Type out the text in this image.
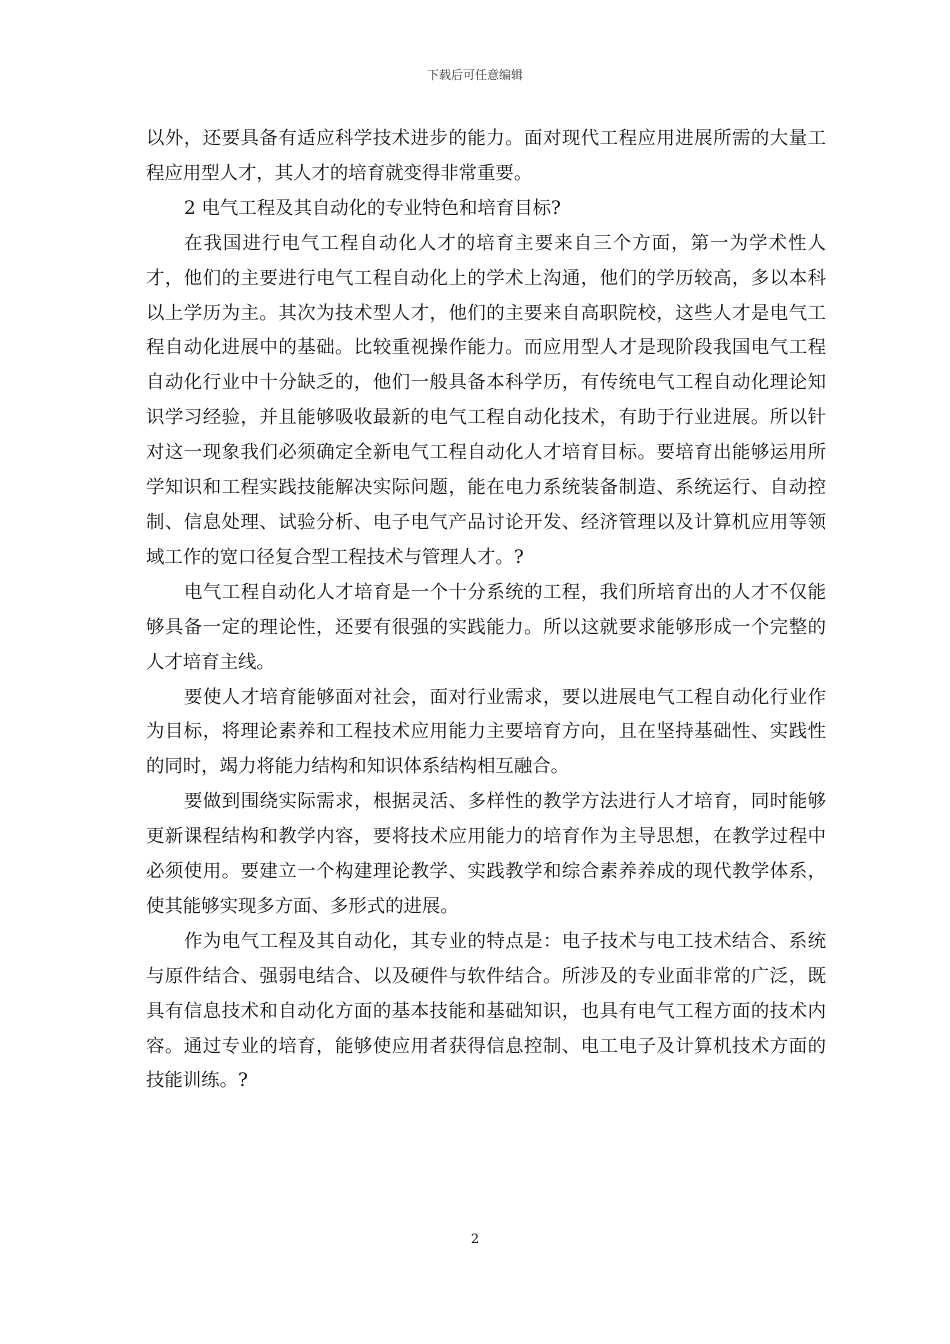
下载后可任意编辑

以外，还要具备有适应科学技术进步的能力。面对现代工程应用进展所需的大量工程应用型人才，其人才的培育就变得非常重要。

2 电气工程及其自动化的专业特色和培育目标?

在我国进行电气工程自动化人才的培育主要来自三个方面，第一为学术性人才，他们的主要进行电气工程自动化上的学术上沟通，他们的学历较高，多以本科以上学历为主。其次为技术型人才，他们的主要来自高职院校，这些人才是电气工程自动化进展中的基础。比较重视操作能力。而应用型人才是现阶段我国电气工程自动化行业中十分缺乏的，他们一般具备本科学历，有传统电气工程自动化理论知识学习经验，并且能够吸收最新的电气工程自动化技术，有助于行业进展。所以针对这一现象我们必须确定全新电气工程自动化人才培育目标。要培育出能够运用所学知识和工程实践技能解决实际问题，能在电力系统装备制造、系统运行、自动控制、信息处理、试验分析、电子电气产品讨论开发、经济管理以及计算机应用等领域工作的宽口径复合型工程技术与管理人才。?

电气工程自动化人才培育是一个十分系统的工程，我们所培育出的人才不仅能够具备一定的理论性，还要有很强的实践能力。所以这就要求能够形成一个完整的人才培育主线。

要使人才培育能够面对社会，面对行业需求，要以进展电气工程自动化行业作为目标，将理论素养和工程技术应用能力主要培育方向，且在坚持基础性、实践性的同时，竭力将能力结构和知识体系结构相互融合。

要做到围绕实际需求，根据灵活、多样性的教学方法进行人才培育，同时能够更新课程结构和教学内容，要将技术应用能力的培育作为主导思想，在教学过程中必须使用。要建立一个构建理论教学、实践教学和综合素养养成的现代教学体系，使其能够实现多方面、多形式的进展。

作为电气工程及其自动化，其专业的特点是：电子技术与电工技术结合、系统与原件结合、强弱电结合、以及硬件与软件结合。所涉及的专业面非常的广泛，既具有信息技术和自动化方面的基本技能和基础知识，也具有电气工程方面的技术内容。通过专业的培育，能够使应用者获得信息控制、电工电子及计算机技术方面的技能训练。?

2
